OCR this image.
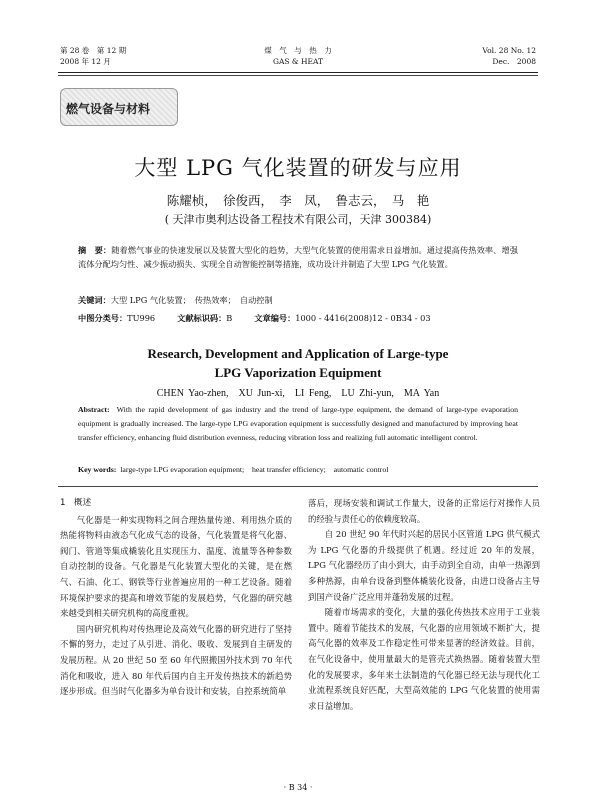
第 28 卷　第 12 期
2008 年 12 月
煤　气　与　热　力
GAS & HEAT
Vol. 28 No. 12
Dec.　2008
燃气设备与材料
大型 LPG 气化装置的研发与应用
陈耀桢，　徐俊西，　李　凤，　鲁志云，　马　艳
( 天津市奥利达设备工程技术有限公司，天津 300384)
摘　要：随着燃气事业的快速发展以及装置大型化的趋势，大型气化装置的使用需求日益增加。通过提高传热效率、增强流体分配均匀性、减少振动损失、实现全自动智能控制等措施，成功设计并制造了大型 LPG 气化装置。
关键词：大型 LPG 气化装置；　传热效率；　自动控制
中图分类号：TU996	文献标识码：B	文章编号：1000 - 4416(2008)12 - 0B34 - 03
Research, Development and Application of Large-type
LPG Vaporization Equipment
CHEN Yao-zhen,　XU Jun-xi,　LI Feng,　LU Zhi-yun,　MA Yan
Abstract: With the rapid development of gas industry and the trend of large-type equipment, the demand of large-type evaporation equipment is gradually increased. The large-type LPG evaporation equipment is successfully designed and manufactured by improving heat transfer efficiency, enhancing fluid distribution evenness, reducing vibration loss and realizing full automatic intelligent control.
Key words: large-type LPG evaporation equipment;　heat transfer efficiency;　automatic control

1　概述

气化器是一种实现物料之间合理热量传递、利用热介质的热能将物料由液态气化成气态的设备，气化装置是将气化器、阀门、管道等集成橇装化且实现压力、温度、流量等各种参数自动控制的设备。气化器是气化装置大型化的关键，是在燃气、石油、化工、钢铁等行业普遍应用的一种工艺设备。随着环境保护要求的提高和增效节能的发展趋势，气化器的研究越来越受到相关研究机构的高度重视。

国内研究机构对传热理论及高效气化器的研究进行了坚持不懈的努力，走过了从引进、消化、吸收、发展到自主研发的发展历程。从 20 世纪 50 至 60 年代照搬国外技术到 70 年代消化和吸收，进入 80 年代后国内自主开发传热技术的新趋势逐步形成。但当时气化器多为单台设计和安装，自控系统简单

落后，现场安装和调试工作量大，设备的正常运行对操作人员的经验与责任心的依赖度较高。

自 20 世纪 90 年代时兴起的居民小区管道 LPG 供气模式为 LPG 气化器的升级提供了机遇。经过近 20 年的发展，LPG 气化器经历了由小到大，由手动到全自动，由单一热源到多种热源，由单台设备到整体橇装化设备，由进口设备占主导到国产设备广泛应用并蓬勃发展的过程。

随着市场需求的变化，大量的强化传热技术应用于工业装置中。随着节能技术的发展，气化器的应用领域不断扩大，提高气化器的效率及工作稳定性可带来显著的经济效益。目前，在气化设备中，使用量最大的是管壳式换热器。随着装置大型化的发展要求，多年来土法制造的气化器已经无法与现代化工业流程系统良好匹配，大型高效能的 LPG 气化装置的使用需求日益增加。

· B 34 ·
